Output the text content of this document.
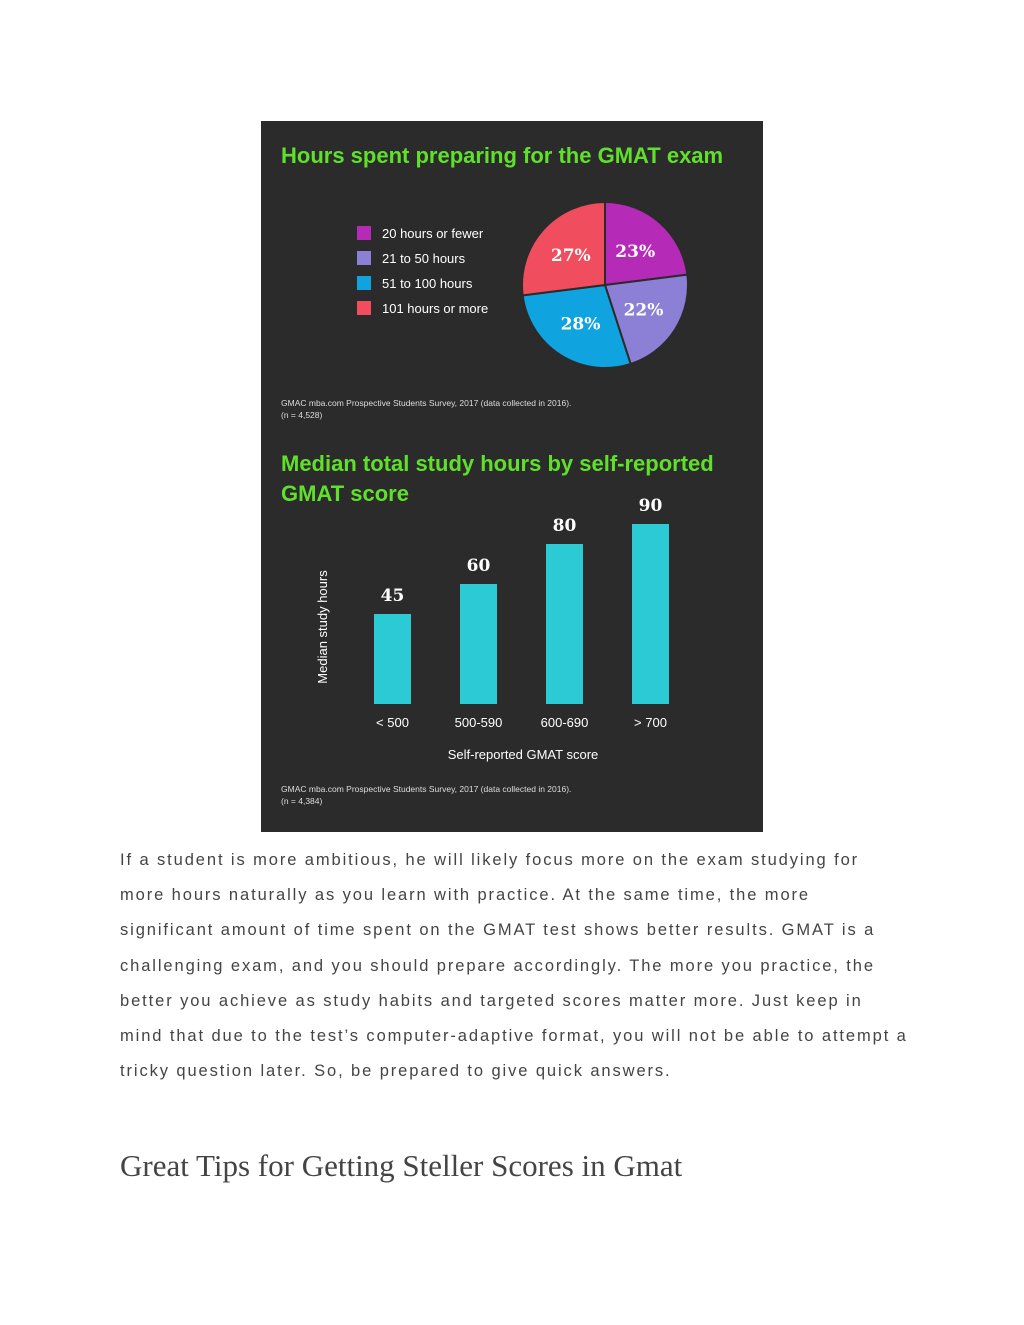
Hours spent preparing for the GMAT exam
20 hours or fewer
21 to 50 hours
51 to 100 hours
101 hours or more
23%
22%
28%
27%
GMAC mba.com Prospective Students Survey, 2017 (data collected in 2016).
(n = 4,528)
Median total study hours by self-reported
GMAT score
Median study hours	45
< 500
60
500-590
80
600-690
90
> 700
Self-reported GMAT score
GMAC mba.com Prospective Students Survey, 2017 (data collected in 2016).
(n = 4,384)

If a student is more ambitious, he will likely focus more on the exam studying for more hours naturally as you learn with practice. At the same time, the more significant amount of time spent on the GMAT test shows better results. GMAT is a challenging exam, and you should prepare accordingly. The more you practice, the better you achieve as study habits and targeted scores matter more. Just keep in mind that due to the test’s computer-adaptive format, you will not be able to attempt a tricky question later. So, be prepared to give quick answers.

Great Tips for Getting Steller Scores in Gmat
